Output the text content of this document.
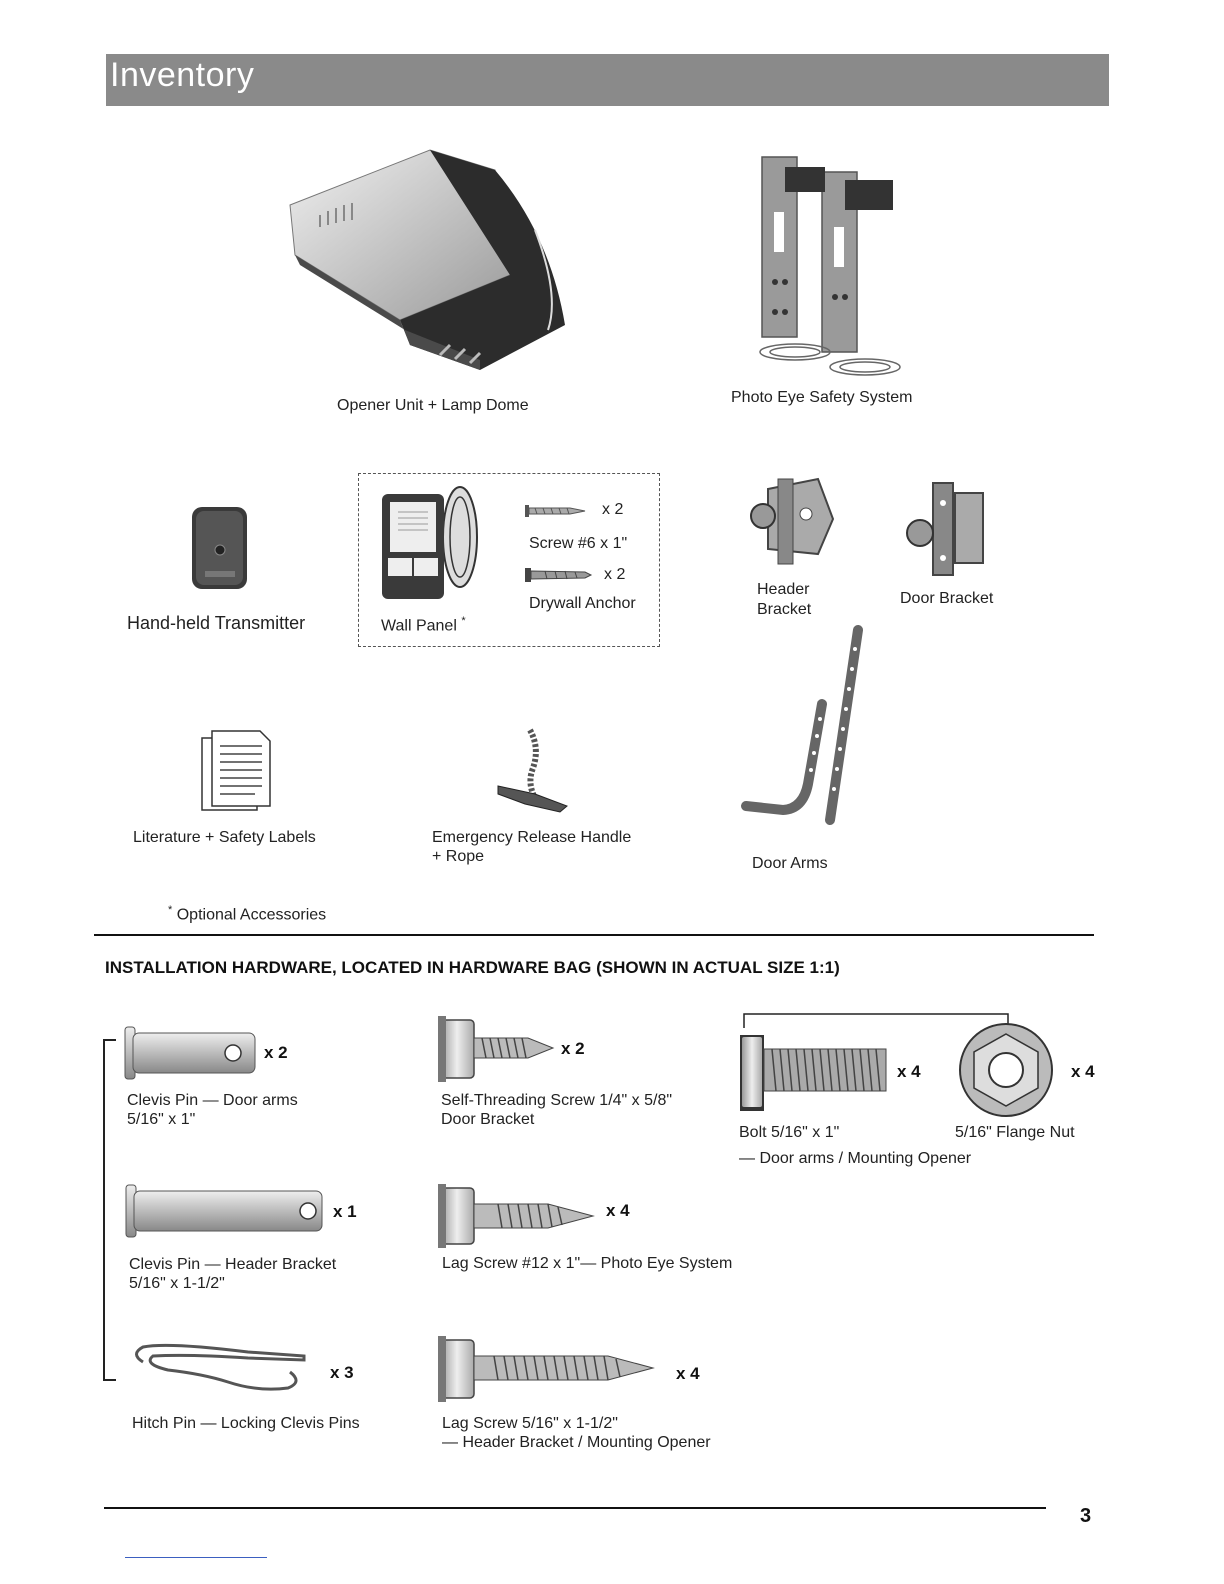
Inventory
Opener Unit + Lamp Dome	Photo Eye Safety System
Hand-held Transmitter	Wall Panel *
x 2
Screw #6 x 1"
x 2
Drywall Anchor
Header
Bracket
Door Bracket
Literature + Safety Labels	Emergency Release Handle
+ Rope	Door Arms
* Optional Accessories
INSTALLATION HARDWARE, LOCATED IN HARDWARE BAG (SHOWN IN ACTUAL SIZE 1:1)
x 2
Clevis Pin — Door arms
5/16" x 1"
x 1
Clevis Pin — Header Bracket
5/16" x 1-1/2"
x 3
Hitch Pin — Locking Clevis Pins
x 2
Self-Threading Screw 1/4" x 5/8"
Door Bracket
x 4
Lag Screw #12 x 1"— Photo Eye System
x 4
Lag Screw 5/16" x 1-1/2"
— Header Bracket / Mounting Opener
x 4
Bolt 5/16" x 1"
x 4
5/16" Flange Nut
— Door arms / Mounting Opener
3
